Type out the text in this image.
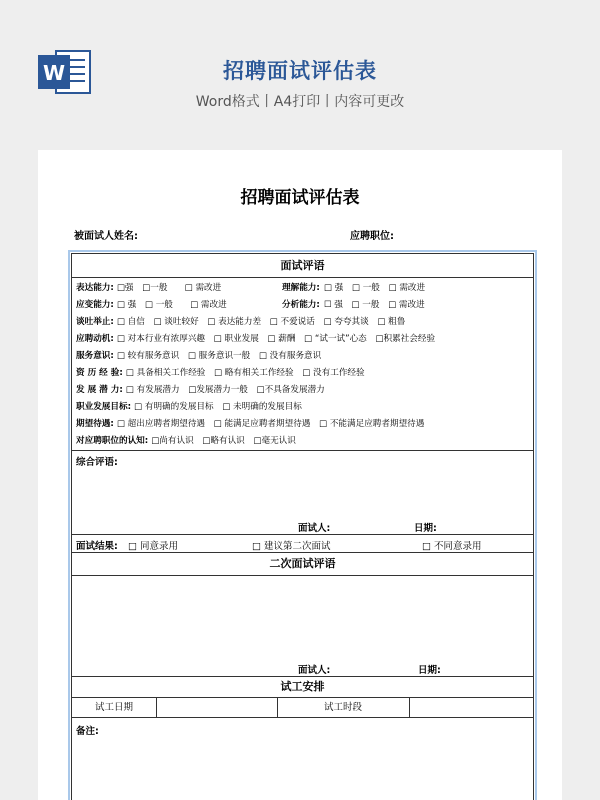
W	招聘面试评估表
Word格式丨A4打印丨内容可更改
招聘面试评估表
被面试人姓名:	应聘职位:
面试评语
表达能力: □强　□一般　　□ 需改进	理解能力: □ 强　□ 一般　□ 需改进
应变能力: □ 强　□ 一般　　□ 需改进	分析能力: ☐ 强　□ 一般　□ 需改进
谈吐举止: □ 自信　□ 谈吐较好　□ 表达能力差　□ 不爱说话　□ 夸夸其谈　□ 粗鲁
应聘动机: □ 对本行业有浓厚兴趣　□ 职业发展　□ 薪酬　□ “试一试”心态　□积累社会经验
服务意识: □ 较有服务意识　□ 服务意识一般　□ 没有服务意识
资 历 经 验: □ 具备相关工作经验　□ 略有相关工作经验　□ 没有工作经验
发 展 潜 力: □ 有发展潜力　□发展潜力一般　□不具备发展潜力
职业发展目标: □ 有明确的发展目标　□ 未明确的发展目标
期望待遇: □ 超出应聘者期望待遇　□ 能满足应聘者期望待遇　□ 不能满足应聘者期望待遇
对应聘职位的认知: □尚有认识　□略有认识　□毫无认识
综合评语:
面试人:	日期:
面试结果: □ 同意录用	□ 建议第二次面试	□ 不同意录用
二次面试评语
面试人:	日期:
试工安排
试工日期	试工时段
备注:
